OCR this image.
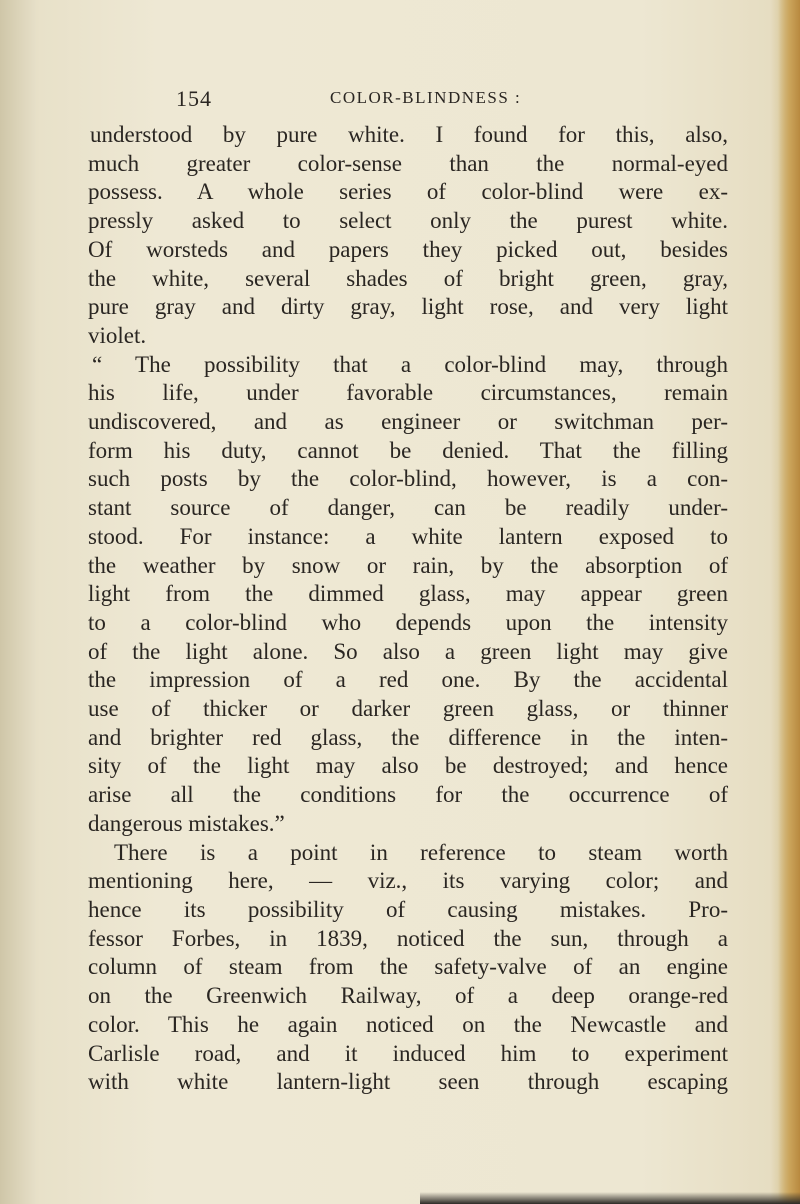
154	COLOR-BLINDNESS :
understood by pure white. I found for this, also,
much greater color-sense than the normal-eyed
possess. A whole series of color-blind were ex-
pressly asked to select only the purest white.
Of worsteds and papers they picked out, besides
the white, several shades of bright green, gray,
pure gray and dirty gray, light rose, and very light
violet.
“ The possibility that a color-blind may, through
his life, under favorable circumstances, remain
undiscovered, and as engineer or switchman per-
form his duty, cannot be denied. That the filling
such posts by the color-blind, however, is a con-
stant source of danger, can be readily under-
stood. For instance: a white lantern exposed to
the weather by snow or rain, by the absorption of
light from the dimmed glass, may appear green
to a color-blind who depends upon the intensity
of the light alone. So also a green light may give
the impression of a red one. By the accidental
use of thicker or darker green glass, or thinner
and brighter red glass, the difference in the inten-
sity of the light may also be destroyed; and hence
arise all the conditions for the occurrence of
dangerous mistakes.”
There is a point in reference to steam worth
mentioning here, — viz., its varying color; and
hence its possibility of causing mistakes. Pro-
fessor Forbes, in 1839, noticed the sun, through a
column of steam from the safety-valve of an engine
on the Greenwich Railway, of a deep orange-red
color. This he again noticed on the Newcastle and
Carlisle road, and it induced him to experiment
with white lantern-light seen through escaping
